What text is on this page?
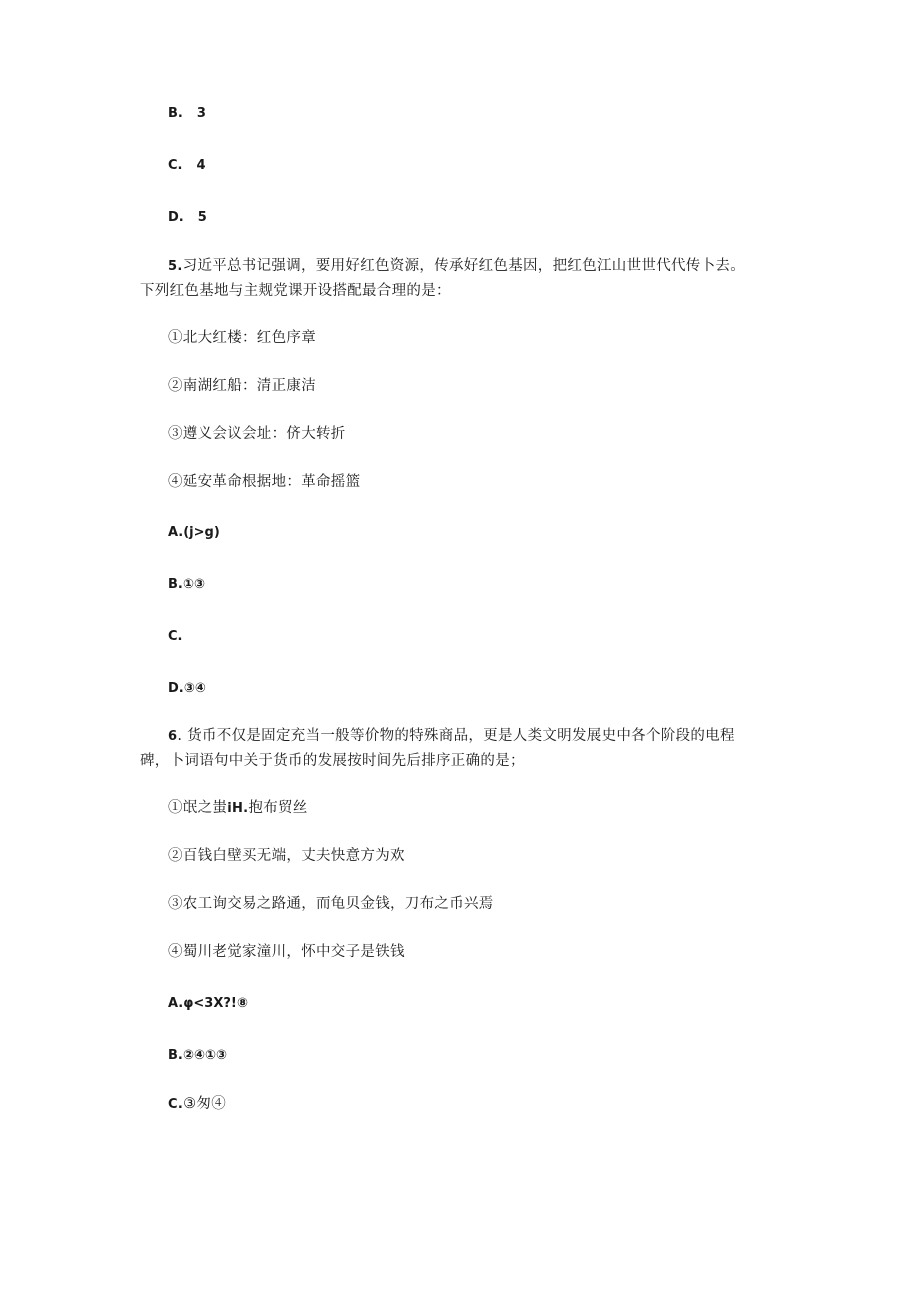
B. 3
C. 4
D. 5
5.习近平总书记强调，要用好红色资源，传承好红色基因，把红色江山世世代代传卜去。
下列红色基地与主觌党课开设搭配最合理的是：
①北大红楼：红色序章
②南湖红船：清正康洁
③遵义会议会址：侪大转折
④延安革命根据地：革命摇篮
A.(j>g)
B.①③
C.
D.③④
6. 货币不仅是固定充当一般等价物的特殊商品，更是人类文明发展史中各个阶段的电程
碑，卜词语句中关于货币的发展按时间先后排序正确的是；
①氓之蚩iH.抱布贸丝
②百钱白壁买无端，丈夫快意方为欢
③农工询交易之路通，而龟贝金钱，刀布之币兴焉
④蜀川老觉家潼川，怀中交子是铁钱
A.φ<3X?!⑧
B.②④①③
C.③匆④
